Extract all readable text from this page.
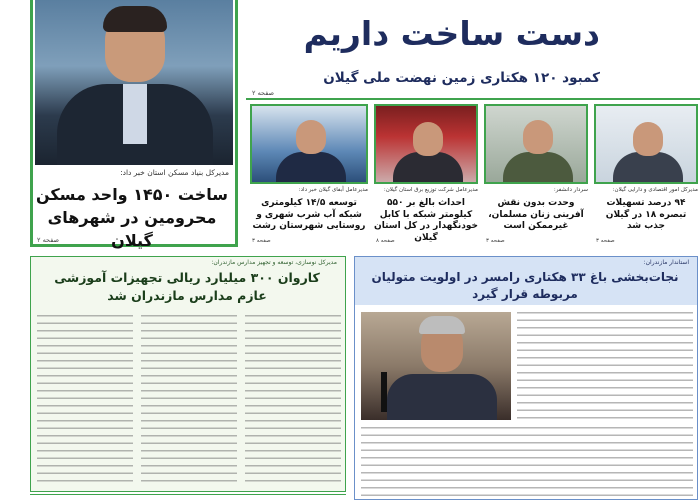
مدیرکل بنیاد مسکن استان خبر داد:
ساخت ۱۴۵۰ واحد مسکن محرومین در شهرهای گیلان
صفحه ۲
دست ساخت داریم
کمبود ۱۲۰ هکتاری زمین نهضت ملی گیلان
صفحه ۲
مدیرکل امور اقتصادی و دارایی گیلان:
۹۴ درصد تسهیلات تبصره ۱۸ در گیلان جذب شد
صفحه ۳
سردار دانشفر:
وحدت بدون نقش آفرینی زنان مسلمان، غیرممکن است
صفحه ۳
مدیرعامل شرکت توزیع برق استان گیلان:
احداث بالغ بر ۵۵۰ کیلومتر شبکه با کابل خودنگهدار در کل استان گیلان
صفحه ۸
مدیرعامل آبفای گیلان خبر داد:
توسعه ۱۴/۵ کیلومتری شبکه آب شرب شهری و روستایی شهرستان رشت
صفحه ۳
استاندار مازندران:
نجات‌بخشی باغ ۳۳ هکتاری رامسر در اولویت متولیان مربوطه قرار گیرد
مدیرکل نوسازی، توسعه و تجهیز مدارس مازندران:
کاروان ۳۰۰ میلیارد ریالی تجهیزات آموزشی عازم مدارس مازندران شد
